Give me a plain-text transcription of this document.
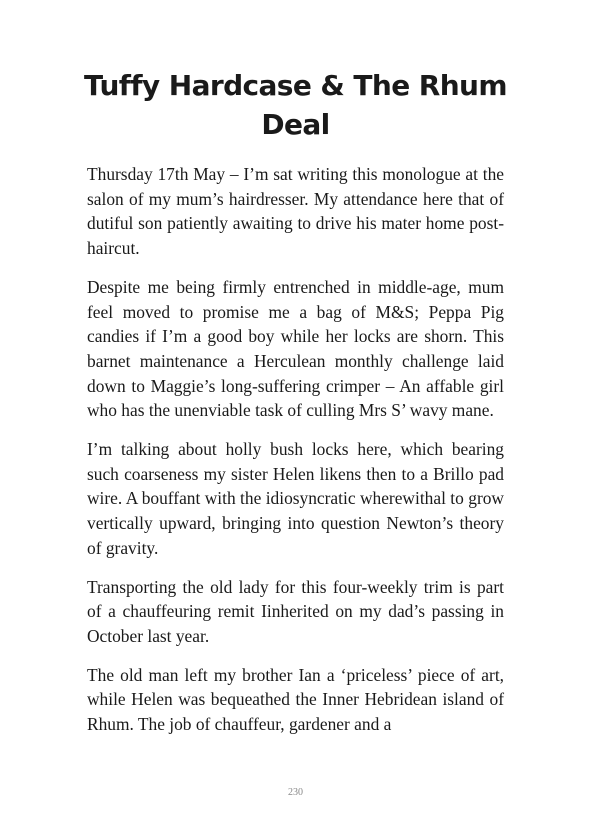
Tuffy Hardcase & The Rhum Deal

Thursday 17th May – I’m sat writing this monologue at the salon of my mum’s hairdresser. My attendance here that of dutiful son patiently awaiting to drive his mater home post-haircut.

Despite me being firmly entrenched in middle-age, mum feel moved to promise me a bag of M&S; Peppa Pig candies if I’m a good boy while her locks are shorn. This barnet maintenance a Herculean monthly challenge laid down to Maggie’s long-suffering crimper – An affable girl who has the unenviable task of culling Mrs S’ wavy mane.

I’m talking about holly bush locks here, which bearing such coarseness my sister Helen likens then to a Brillo pad wire. A bouffant with the idiosyncratic wherewithal to grow vertically upward, bringing into question Newton’s theory of gravity.

Transporting the old lady for this four-weekly trim is part of a chauffeuring remit Iinherited on my dad’s passing in October last year.

The old man left my brother Ian a ‘priceless’ piece of art, while Helen was bequeathed the Inner Hebridean island of Rhum. The job of chauffeur, gardener and a

230
